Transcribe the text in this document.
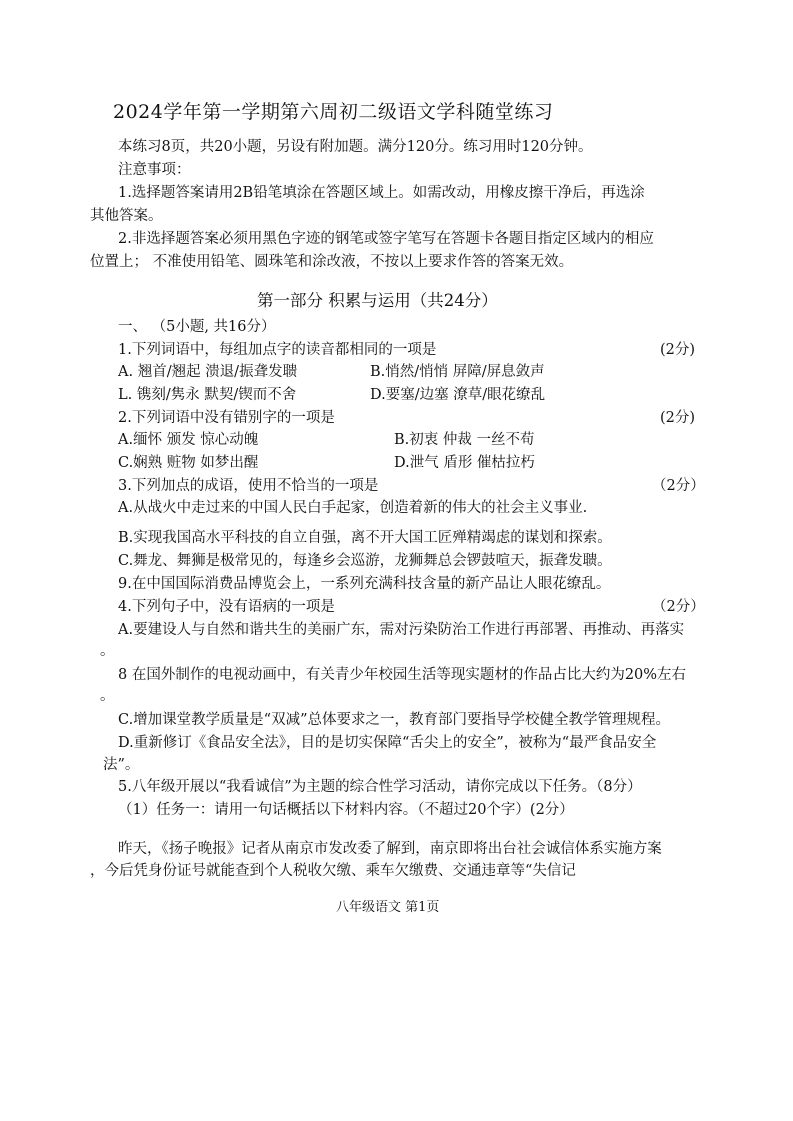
2024学年第一学期第六周初二级语文学科随堂练习
本练习8页，共20小题，另设有附加题。满分120分。练习用时120分钟。
注意事项：
1.选择题答案请用2B铅笔填涂在答题区域上。如需改动，用橡皮擦干净后，再选涂
其他答案。
2.非选择题答案必须用黑色字迹的钢笔或签字笔写在答题卡各题目指定区域内的相应
位置上； 不准使用铅笔、圆珠笔和涂改液，不按以上要求作答的答案无效。
第一部分 积累与运用（共24分）
一、 （5小题, 共16分）
1.下列词语中，每组加点字的读音都相同的一项是	(2分)
A. 翘首/翘起 溃退/振聋发聩	B.悄然/悄悄 屏障/屏息敛声
L. 镌刻/隽永 默契/锲而不舍	D.要塞/边塞 潦草/眼花缭乱
2.下列词语中没有错别字的一项是	(2分)
A.缅怀 颁发 惊心动魄	B.初衷 仲裁 一丝不苟
C.娴熟 赃物 如梦出醒	D.泄气 盾形 催枯拉朽
3.下列加点的成语，使用不恰当的一项是	（2分）
A.从战火中走过来的中国人民白手起家，创造着新的伟大的社会主义事业.
B.实现我国高水平科技的自立自强，离不开大国工匠殚精竭虑的谋划和探索。
C.舞龙、舞狮是极常见的，每逢乡会巡游，龙狮舞总会锣鼓喧天，振聋发聩。
9.在中国国际消费品博览会上，一系列充满科技含量的新产品让人眼花缭乱。
4.下列句子中，没有语病的一项是	（2分）
A.要建设人与自然和谐共生的美丽广东，需对污染防治工作进行再部署、再推动、再落实
。
8 在国外制作的电视动画中，有关青少年校园生活等现实题材的作品占比大约为20%左右
。
C.增加课堂教学质量是“双减”总体要求之一，教育部门要指导学校健全教学管理规程。
D.重新修订《食品安全法》，目的是切实保障“舌尖上的安全”，被称为“最严食品安全
法”。
5.八年级开展以“我看诚信”为主题的综合性学习活动，请你完成以下任务。（8分）
（1）任务一：请用一句话概括以下材料内容。（不超过20个字）(2分）
昨天，《扬子晚报》记者从南京市发改委了解到，南京即将出台社会诚信体系实施方案
，今后凭身份证号就能查到个人税收欠缴、乘车欠缴费、交通违章等“失信记
八年级语文 第1页
